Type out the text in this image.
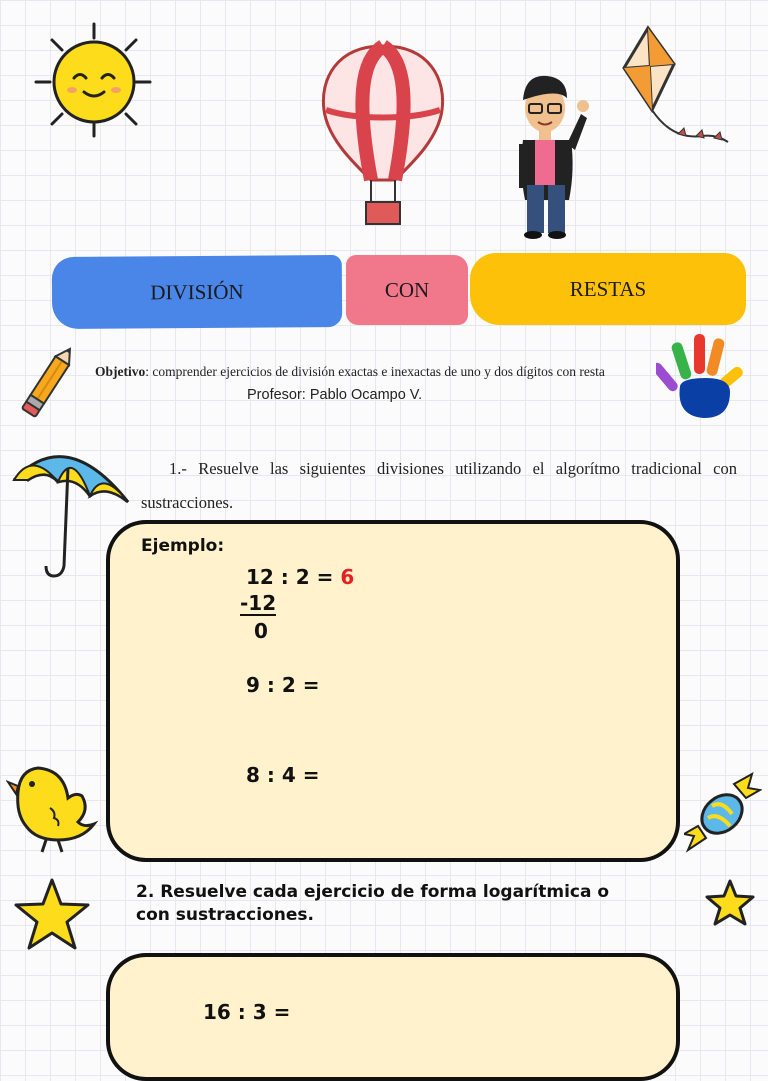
DIVISIÓN	CON	RESTAS
Objetivo: comprender ejercicios de división exactas e inexactas de uno y dos dígitos con resta
Profesor: Pablo Ocampo V.
1.- Resuelve las siguientes divisiones utilizando el algorítmo tradicional con sustracciones.
Ejemplo:
12 : 2 = 6
-12
0
9 : 2 =
8 : 4 =
2. Resuelve cada ejercicio de forma logarítmica o
con sustracciones.
16 : 3 =
